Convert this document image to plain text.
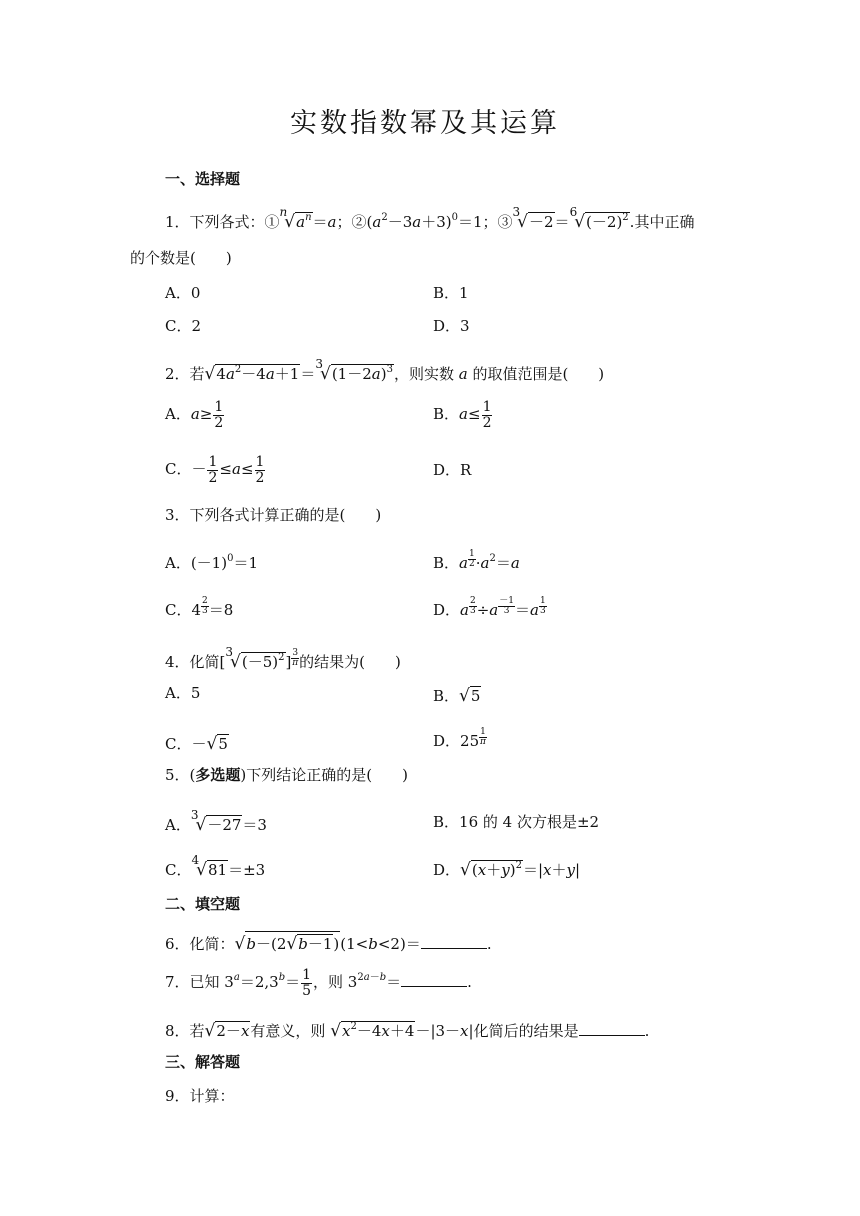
实数指数幂及其运算
一、选择题
1．下列各式：$①^n√a^n=a$；$②(a^2-3a+3)^0=1$；$③^3√-2=^6√(-2)^2$.其中正确
的个数是(　　)
A．0	B．1
C．2	D．3
2．若$√4a^2-4a+1=^3√(1-2a)^3$，则实数 a 的取值范围是(　　)
A．$a\ge \frac{1}{2}$	B．$a\le \frac{1}{2}$
C．－ $\frac{1}{2} \le a\le \frac{1}{2}$	D．R
3．下列各式计算正确的是(　　)
A．$(-1)^0=1$	B．a $\frac{1}{2} \cdot a^2=a$
C．$4 \frac{2}{3} =8$	D．a $\frac{2}{3} \div a \frac{-1}{3} =a \frac{1}{3}$
4．化简$[^3√(-5)^2] \frac{3}{\pi}$ 的结果为(　　)
A．5	B．√5
C．－√5	D．$25 \frac{1}{\pi}$
5．(多选题)下列结论正确的是(　　)
A．$^3$√－27＝3	B．16 的 4 次方根是±2
C．$^4$√81＝±3	D．$√(x+y)^2=|x+y|$
二、填空题
6．化简：√b－(2√b－1)(1<b<2)＝	.
7．已知 $3^a=2,3^b= \frac{1}{5}$ ，则 $3^{2a-b}=$	.
8．若√2－x有意义，则 $√x^2-4x+4-|3-x|$化简后的结果是	.
三、解答题
9．计算：
